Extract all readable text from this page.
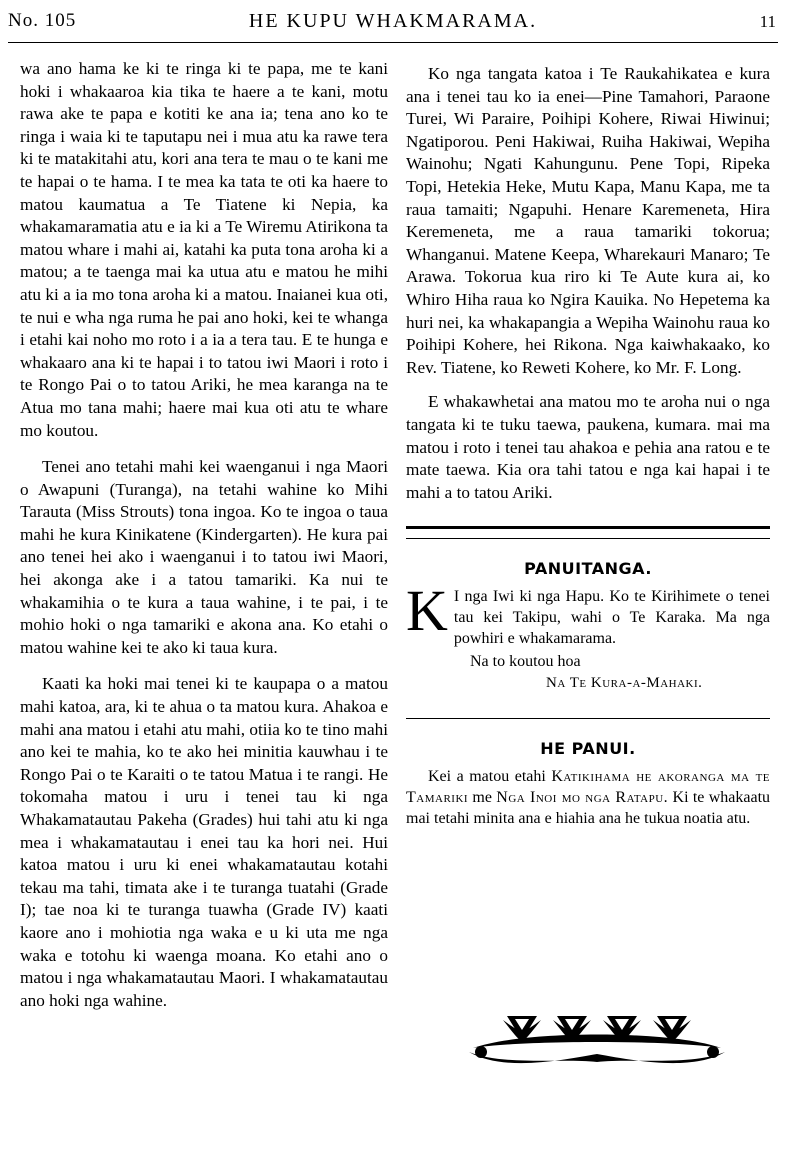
No. 105	HE KUPU WHAKMARAMA.	11

wa ano hama ke ki te ringa ki te papa, me te kani hoki i whakaaroa kia tika te haere a te kani, motu rawa ake te papa e kotiti ke ana ia; tena ano ko te ringa i waia ki te taputapu nei i mua atu ka rawe tera ki te matakitahi atu, kori ana tera te mau o te kani me te hapai o te hama. I te mea ka tata te oti ka haere to matou kaumatua a Te Tiatene ki Nepia, ka whakamaramatia atu e ia ki a Te Wiremu Atirikona ta matou whare i mahi ai, katahi ka puta tona aroha ki a matou; a te taenga mai ka utua atu e matou he mihi atu ki a ia mo tona aroha ki a matou. Inaianei kua oti, te nui e wha nga ruma he pai ano hoki, kei te whanga i etahi kai noho mo roto i a ia a tera tau. E te hunga e whakaaro ana ki te hapai i to tatou iwi Maori i roto i te Rongo Pai o to tatou Ariki, he mea karanga na te Atua mo tana mahi; haere mai kua oti atu te whare mo koutou.

Tenei ano tetahi mahi kei waenganui i nga Maori o Awapuni (Turanga), na tetahi wahine ko Mihi Tarauta (Miss Strouts) tona ingoa. Ko te ingoa o taua mahi he kura Kinikatene (Kindergarten). He kura pai ano tenei hei ako i waenganui i to tatou iwi Maori, hei akonga ake i a tatou tamariki. Ka nui te whakamihia o te kura a taua wahine, i te pai, i te mohio hoki o nga tamariki e akona ana. Ko etahi o matou wahine kei te ako ki taua kura.

Kaati ka hoki mai tenei ki te kaupapa o a matou mahi katoa, ara, ki te ahua o ta matou kura. Ahakoa e mahi ana matou i etahi atu mahi, otiia ko te tino mahi ano kei te mahia, ko te ako hei minitia kauwhau i te Rongo Pai o te Karaiti o te tatou Matua i te rangi. He tokomaha matou i uru i tenei tau ki nga Whakamatautau Pakeha (Grades) hui tahi atu ki nga mea i whakamatautau i enei tau ka hori nei. Hui katoa matou i uru ki enei whakamatautau kotahi tekau ma tahi, timata ake i te turanga tuatahi (Grade I); tae noa ki te turanga tuawha (Grade IV) kaati kaore ano i mohiotia nga waka e u ki uta me nga waka e totohu ki waenga moana. Ko etahi ano o matou i nga whakamatautau Maori. I whakamatautau ano hoki nga wahine.

Ko nga tangata katoa i Te Raukahikatea e kura ana i tenei tau ko ia enei—Pine Tamahori, Paraone Turei, Wi Paraire, Poihipi Kohere, Riwai Hiwinui; Ngatiporou. Peni Hakiwai, Ruiha Hakiwai, Wepiha Wainohu; Ngati Kahungunu. Pene Topi, Ripeka Topi, Hetekia Heke, Mutu Kapa, Manu Kapa, me ta raua tamaiti; Ngapuhi. Henare Karemeneta, Hira Keremeneta, me a raua tamariki tokorua; Whanganui. Matene Keepa, Wharekauri Manaro; Te Arawa. Tokorua kua riro ki Te Aute kura ai, ko Whiro Hiha raua ko Ngira Kauika. No Hepetema ka huri nei, ka whakapangia a Wepiha Wainohu raua ko Poihipi Kohere, hei Rikona. Nga kaiwhakaako, ko Rev. Tiatene, ko Reweti Kohere, ko Mr. F. Long.

E whakawhetai ana matou mo te aroha nui o nga tangata ki te tuku taewa, paukena, kumara. mai ma matou i roto i tenei tau ahakoa e pehia ana ratou e te mate taewa. Kia ora tahi tatou e nga kai hapai i te mahi a to tatou Ariki.

PANUITANGA.
K I nga Iwi ki nga Hapu. Ko te Kirihimete o tenei tau kei Takipu, wahi o Te Karaka. Ma nga powhiri e whakamarama.
Na to koutou hoa
Na Te Kura-a-Mahaki.
HE PANUI.
Kei a matou etahi Katikihama he akoranga ma te Tamariki me Nga Inoi mo nga Ratapu. Ki te whakaatu mai tetahi minita ana e hiahia ana he tukua noatia atu.
